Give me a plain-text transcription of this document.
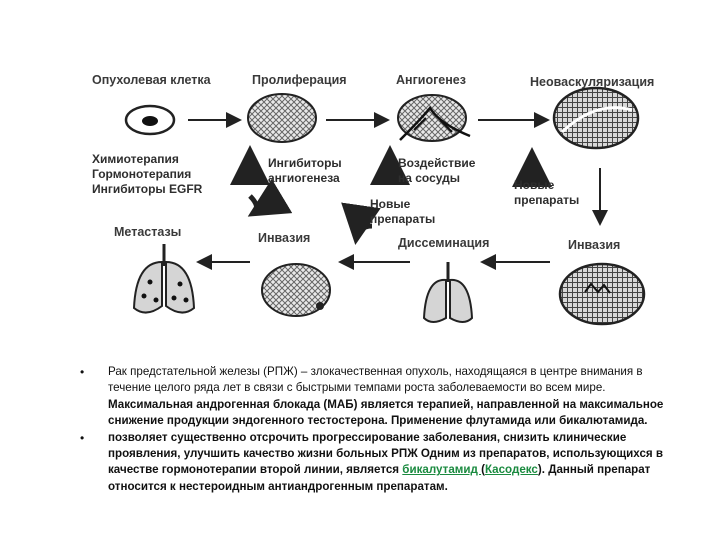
Опухолевая клетка	Пролиферация	Ангиогенез	Неоваскуляризация
Метастазы	Инвазия	Диссеминация	Инвазия
Химиотерапия
Гормонотерапия
Ингибиторы EGFR
Ингибиторы
ангиогенеза
Воздействие
на сосуды	Новые
препараты
Новые
препараты
•	Рак предстательной железы (РПЖ) – злокачественная опухоль, находящаяся в центре внимания в течение целого ряда лет в связи с быстрыми темпами роста заболеваемости во всем мире. Максимальная андрогенная блокада (МАБ) является терапией, направленной на максимальное снижение продукции эндогенного тестостерона. Применение флутамида или бикалютамида.
•	позволяет существенно отсрочить прогрессирование заболевания, снизить клинические проявления, улучшить качество жизни больных РПЖ Одним из препаратов, использующихся в качестве гормонотерапии второй линии, является бикалутамид (Касодекс). Данный препарат относится к нестероидным антиандрогенным препаратам.
